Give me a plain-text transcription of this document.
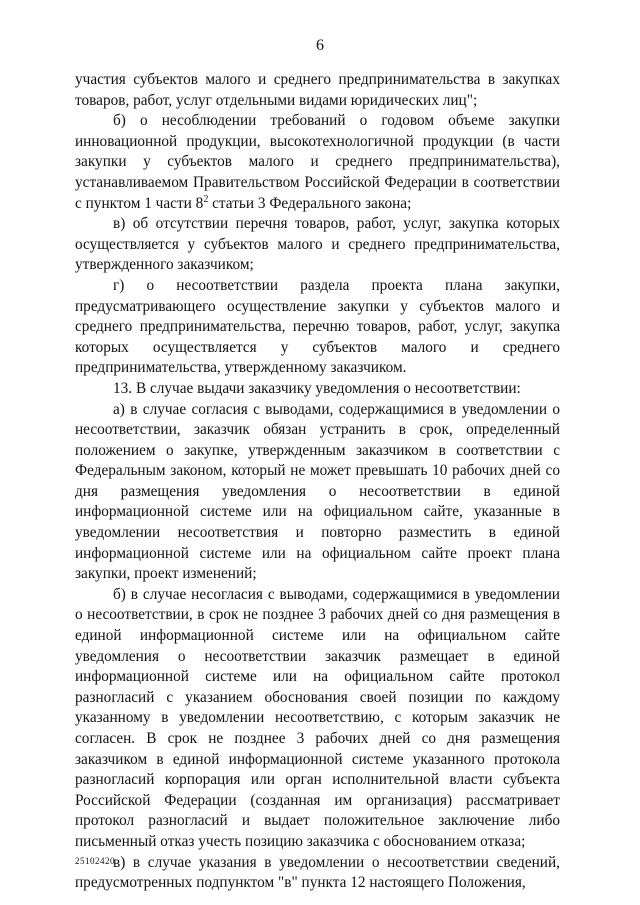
6

участия субъектов малого и среднего предпринимательства в закупках товаров, работ, услуг отдельными видами юридических лиц";

б) о несоблюдении требований о годовом объеме закупки инновационной продукции, высокотехнологичной продукции (в части закупки у субъектов малого и среднего предпринимательства), устанавливаемом Правительством Российской Федерации в соответствии с пунктом 1 части $8^2$ статьи 3 Федерального закона;

в) об отсутствии перечня товаров, работ, услуг, закупка которых осуществляется у субъектов малого и среднего предпринимательства, утвержденного заказчиком;

г) о несоответствии раздела проекта плана закупки, предусматривающего осуществление закупки у субъектов малого и среднего предпринимательства, перечню товаров, работ, услуг, закупка которых осуществляется у субъектов малого и среднего предпринимательства, утвержденному заказчиком.

13. В случае выдачи заказчику уведомления о несоответствии:

а) в случае согласия с выводами, содержащимися в уведомлении о несоответствии, заказчик обязан устранить в срок, определенный положением о закупке, утвержденным заказчиком в соответствии с Федеральным законом, который не может превышать 10 рабочих дней со дня размещения уведомления о несоответствии в единой информационной системе или на официальном сайте, указанные в уведомлении несоответствия и повторно разместить в единой информационной системе или на официальном сайте проект плана закупки, проект изменений;

б) в случае несогласия с выводами, содержащимися в уведомлении о несоответствии, в срок не позднее 3 рабочих дней со дня размещения в единой информационной системе или на официальном сайте уведомления о несоответствии заказчик размещает в единой информационной системе или на официальном сайте протокол разногласий с указанием обоснования своей позиции по каждому указанному в уведомлении несоответствию, с которым заказчик не согласен. В срок не позднее 3 рабочих дней со дня размещения заказчиком в единой информационной системе указанного протокола разногласий корпорация или орган исполнительной власти субъекта Российской Федерации (созданная им организация) рассматривает протокол разногласий и выдает положительное заключение либо письменный отказ учесть позицию заказчика с обоснованием отказа;

в) в случае указания в уведомлении о несоответствии сведений, предусмотренных подпунктом "в" пункта 12 настоящего Положения,

25102420
